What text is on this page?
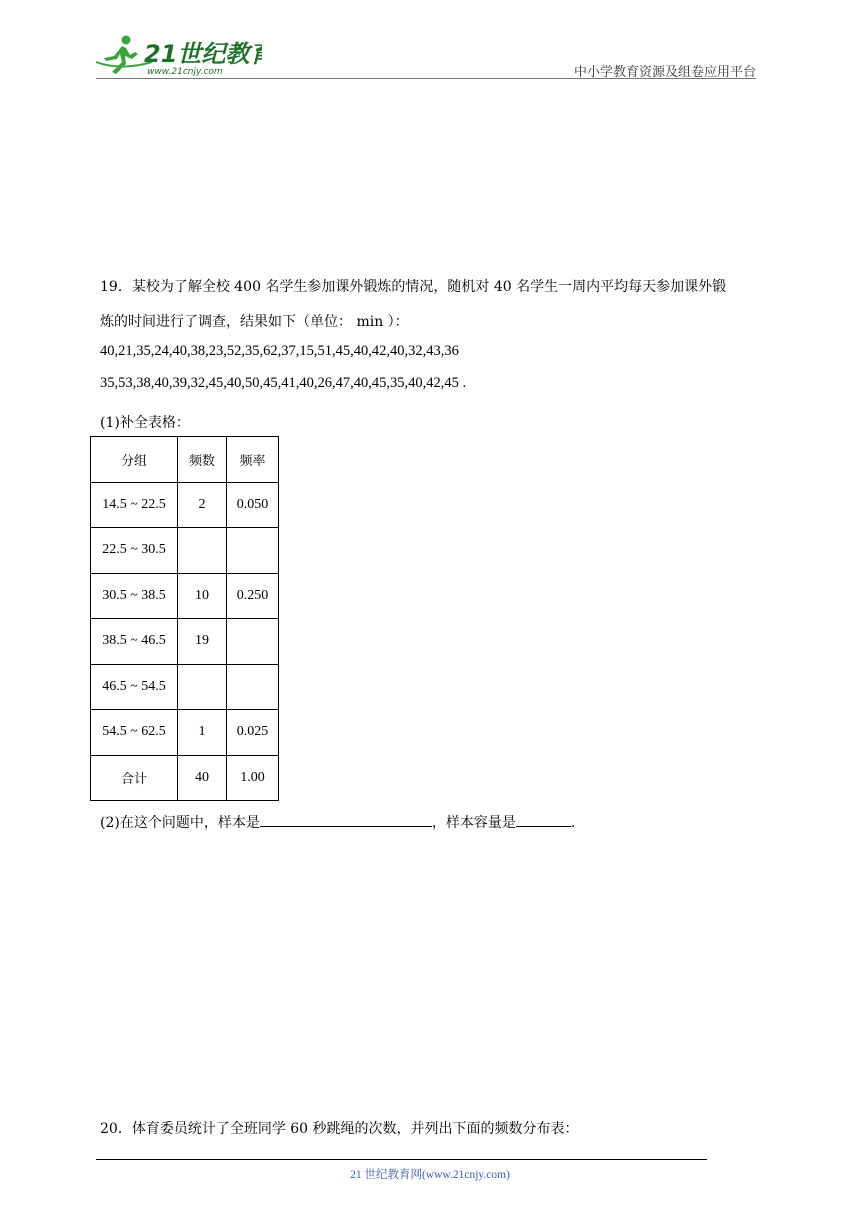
21世纪教育
www.21cnjy.com	中小学教育资源及组卷应用平台
19．某校为了解全校 400 名学生参加课外锻炼的情况，随机对 40 名学生一周内平均每天参加课外锻
炼的时间进行了调查，结果如下（单位： min ）：
40,21,35,24,40,38,23,52,35,62,37,15,51,45,40,42,40,32,43,36
35,53,38,40,39,32,45,40,50,45,41,40,26,47,40,45,35,40,42,45 .
(1)补全表格：
分组	频数	频率
14.5 ~ 22.5	2	0.050
22.5 ~ 30.5		
30.5 ~ 38.5	10	0.250
38.5 ~ 46.5	19	
46.5 ~ 54.5		
54.5 ~ 62.5	1	0.025
合计	40	1.00
(2)在这个问题中，样本是	，样本容量是	.
20．体育委员统计了全班同学 60 秒跳绳的次数，并列出下面的频数分布表：
21 世纪教育网(www.21cnjy.com)
